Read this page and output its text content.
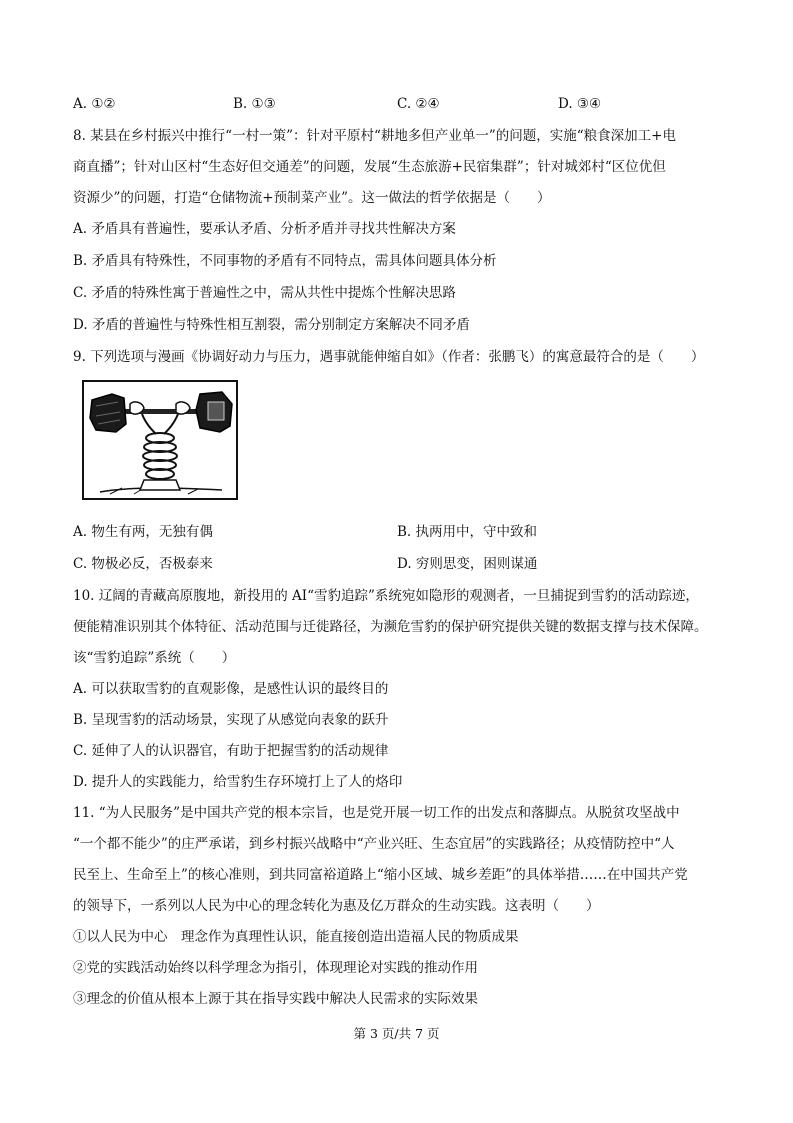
A. ①②	B. ①③	C. ②④	D. ③④
8. 某县在乡村振兴中推行“一村一策”：针对平原村“耕地多但产业单一”的问题，实施“粮食深加工+电
商直播”；针对山区村“生态好但交通差”的问题，发展“生态旅游+民宿集群”；针对城郊村“区位优但
资源少”的问题，打造“仓储物流+预制菜产业”。这一做法的哲学依据是（　　）
A. 矛盾具有普遍性，要承认矛盾、分析矛盾并寻找共性解决方案
B. 矛盾具有特殊性，不同事物的矛盾有不同特点，需具体问题具体分析
C. 矛盾的特殊性寓于普遍性之中，需从共性中提炼个性解决思路
D. 矛盾的普遍性与特殊性相互割裂，需分别制定方案解决不同矛盾
9. 下列选项与漫画《协调好动力与压力，遇事就能伸缩自如》（作者：张鹏飞）的寓意最符合的是（　　）
A. 物生有两，无独有偶	B. 执两用中，守中致和
C. 物极必反，否极泰来	D. 穷则思变，困则谋通
10. 辽阔的青藏高原腹地，新投用的 AI“雪豹追踪”系统宛如隐形的观测者，一旦捕捉到雪豹的活动踪迹，
便能精准识别其个体特征、活动范围与迁徙路径，为濒危雪豹的保护研究提供关键的数据支撑与技术保障。
该“雪豹追踪”系统（　　）
A. 可以获取雪豹的直观影像，是感性认识的最终目的
B. 呈现雪豹的活动场景，实现了从感觉向表象的跃升
C. 延伸了人的认识器官，有助于把握雪豹的活动规律
D. 提升人的实践能力，给雪豹生存环境打上了人的烙印
11. “为人民服务”是中国共产党的根本宗旨，也是党开展一切工作的出发点和落脚点。从脱贫攻坚战中
“一个都不能少”的庄严承诺，到乡村振兴战略中“产业兴旺、生态宜居”的实践路径；从疫情防控中“人
民至上、生命至上”的核心准则，到共同富裕道路上“缩小区域、城乡差距”的具体举措……在中国共产党
的领导下，一系列以人民为中心的理念转化为惠及亿万群众的生动实践。这表明（　　）
①以人民为中心　理念作为真理性认识，能直接创造出造福人民的物质成果
②党的实践活动始终以科学理念为指引，体现理论对实践的推动作用
③理念的价值从根本上源于其在指导实践中解决人民需求的实际效果
第 3 页/共 7 页
